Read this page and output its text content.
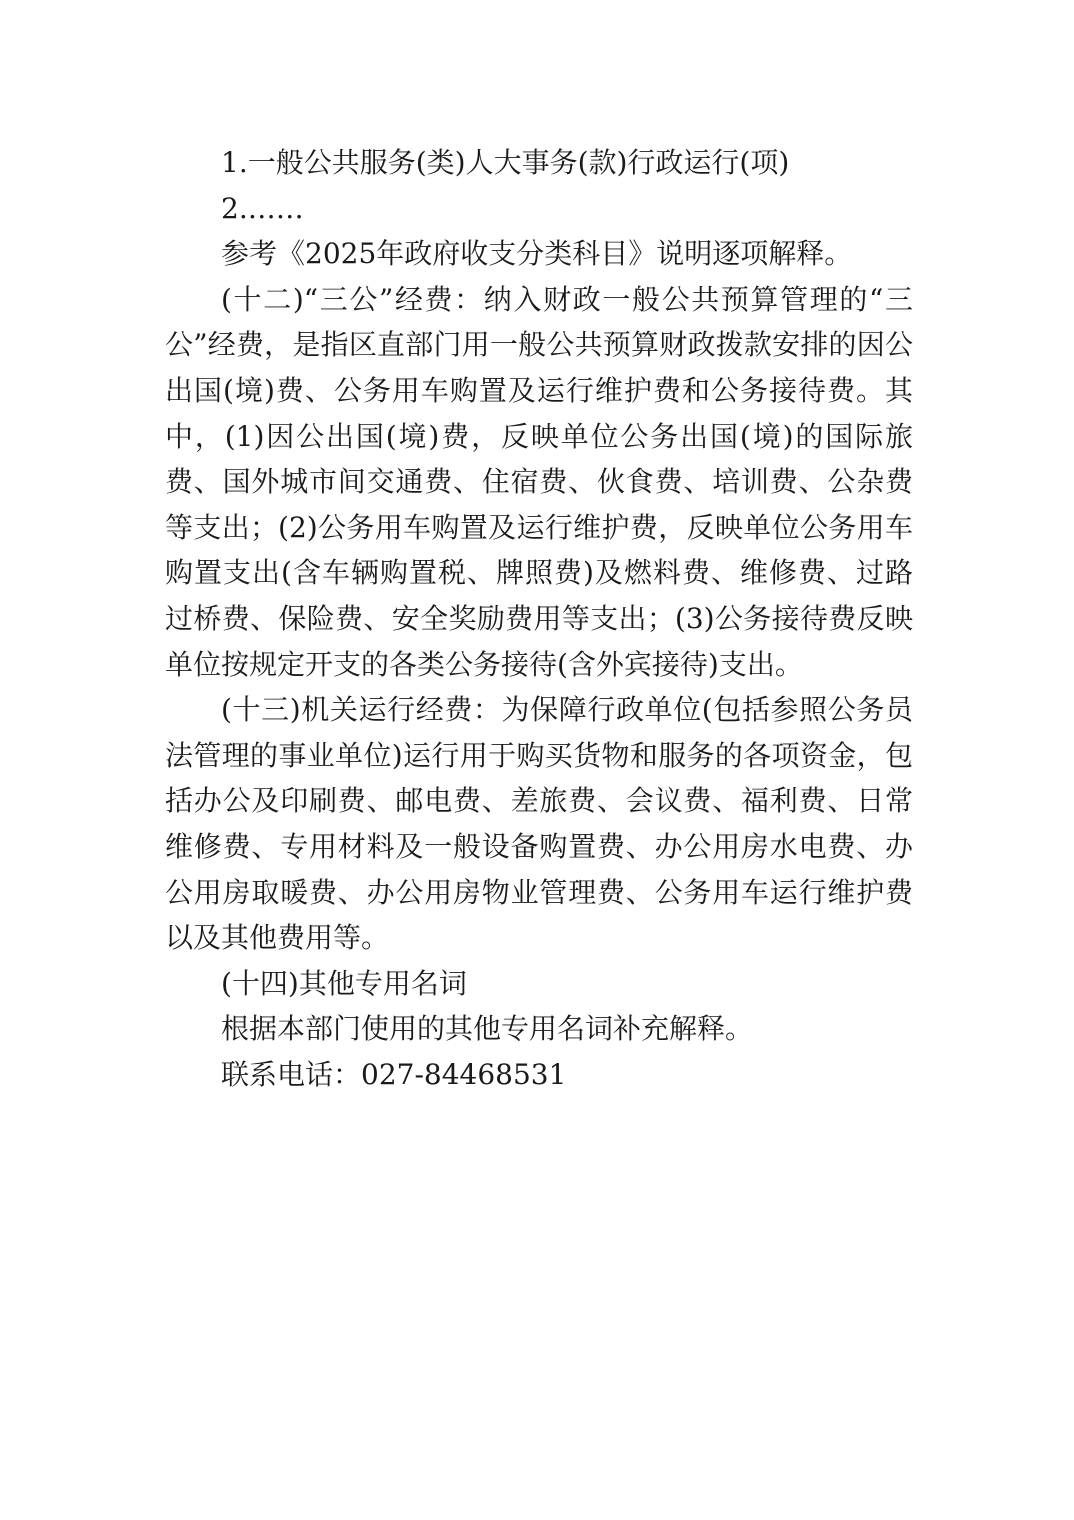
1.一般公共服务(类)人大事务(款)行政运行(项)

2.……

参考《2025年政府收支分类科目》说明逐项解释。

(十二)“三公”经费：纳入财政一般公共预算管理的“三公”经费，是指区直部门用一般公共预算财政拨款安排的因公出国(境)费、公务用车购置及运行维护费和公务接待费。其中，(1)因公出国(境)费，反映单位公务出国(境)的国际旅费、国外城市间交通费、住宿费、伙食费、培训费、公杂费等支出；(2)公务用车购置及运行维护费，反映单位公务用车购置支出(含车辆购置税、牌照费)及燃料费、维修费、过路过桥费、保险费、安全奖励费用等支出；(3)公务接待费反映单位按规定开支的各类公务接待(含外宾接待)支出。

(十三)机关运行经费：为保障行政单位(包括参照公务员法管理的事业单位)运行用于购买货物和服务的各项资金，包括办公及印刷费、邮电费、差旅费、会议费、福利费、日常维修费、专用材料及一般设备购置费、办公用房水电费、办公用房取暖费、办公用房物业管理费、公务用车运行维护费以及其他费用等。

(十四)其他专用名词

根据本部门使用的其他专用名词补充解释。

联系电话：027-84468531
